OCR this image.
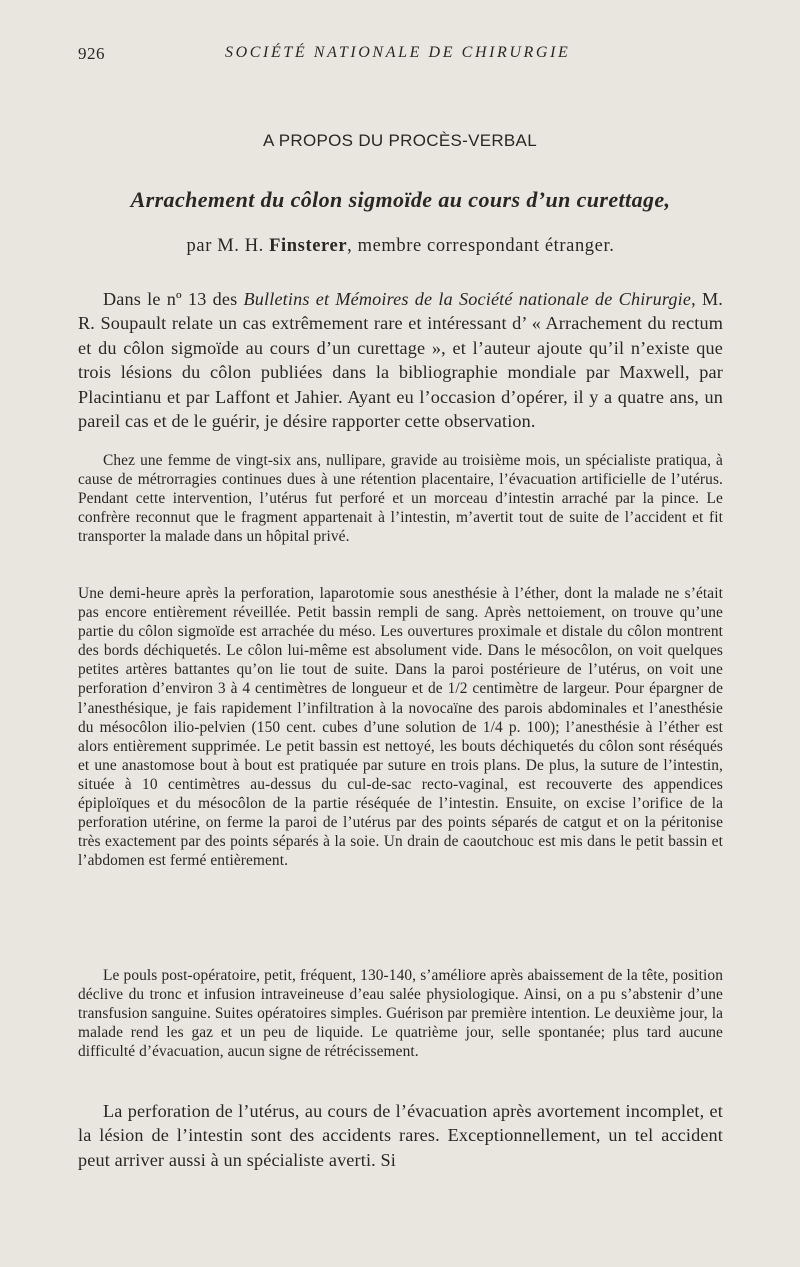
926	SOCIÉTÉ NATIONALE DE CHIRURGIE
A PROPOS DU PROCÈS-VERBAL
Arrachement du côlon sigmoïde au cours d’un curettage,
par M. H. Finsterer, membre correspondant étranger.

Dans le nº 13 des Bulletins et Mémoires de la Société nationale de Chirurgie, M. R. Soupault relate un cas extrêmement rare et intéressant d’ « Arrachement du rectum et du côlon sigmoïde au cours d’un curettage », et l’auteur ajoute qu’il n’existe que trois lésions du côlon publiées dans la bibliographie mondiale par Maxwell, par Placintianu et par Laffont et Jahier. Ayant eu l’occasion d’opérer, il y a quatre ans, un pareil cas et de le guérir, je désire rapporter cette observation.

Chez une femme de vingt-six ans, nullipare, gravide au troisième mois, un spécialiste pratiqua, à cause de métrorragies continues dues à une rétention placentaire, l’évacuation artificielle de l’utérus. Pendant cette intervention, l’utérus fut perforé et un morceau d’intestin arraché par la pince. Le confrère reconnut que le fragment appartenait à l’intestin, m’avertit tout de suite de l’accident et fit transporter la malade dans un hôpital privé.

Une demi-heure après la perforation, laparotomie sous anesthésie à l’éther, dont la malade ne s’était pas encore entièrement réveillée. Petit bassin rempli de sang. Après nettoiement, on trouve qu’une partie du côlon sigmoïde est arrachée du méso. Les ouvertures proximale et distale du côlon montrent des bords déchiquetés. Le côlon lui-même est absolument vide. Dans le mésocôlon, on voit quelques petites artères battantes qu’on lie tout de suite. Dans la paroi postérieure de l’utérus, on voit une perforation d’environ 3 à 4 centimètres de longueur et de 1/2 centimètre de largeur. Pour épargner de l’anesthésique, je fais rapidement l’infiltration à la novocaïne des parois abdominales et l’anesthésie du mésocôlon ilio-pelvien (150 cent. cubes d’une solution de 1/4 p. 100); l’anesthésie à l’éther est alors entièrement supprimée. Le petit bassin est nettoyé, les bouts déchiquetés du côlon sont réséqués et une anastomose bout à bout est pratiquée par suture en trois plans. De plus, la suture de l’intestin, située à 10 centimètres au-dessus du cul-de-sac recto-vaginal, est recouverte des appendices épiploïques et du mésocôlon de la partie réséquée de l’intestin. Ensuite, on excise l’orifice de la perforation utérine, on ferme la paroi de l’utérus par des points séparés de catgut et on la péritonise très exactement par des points séparés à la soie. Un drain de caoutchouc est mis dans le petit bassin et l’abdomen est fermé entièrement.

Le pouls post-opératoire, petit, fréquent, 130-140, s’améliore après abaissement de la tête, position déclive du tronc et infusion intraveineuse d’eau salée physiologique. Ainsi, on a pu s’abstenir d’une transfusion sanguine. Suites opératoires simples. Guérison par première intention. Le deuxième jour, la malade rend les gaz et un peu de liquide. Le quatrième jour, selle spontanée; plus tard aucune difficulté d’évacuation, aucun signe de rétrécissement.

La perforation de l’utérus, au cours de l’évacuation après avortement incomplet, et la lésion de l’intestin sont des accidents rares. Exceptionnellement, un tel accident peut arriver aussi à un spécialiste averti. Si
